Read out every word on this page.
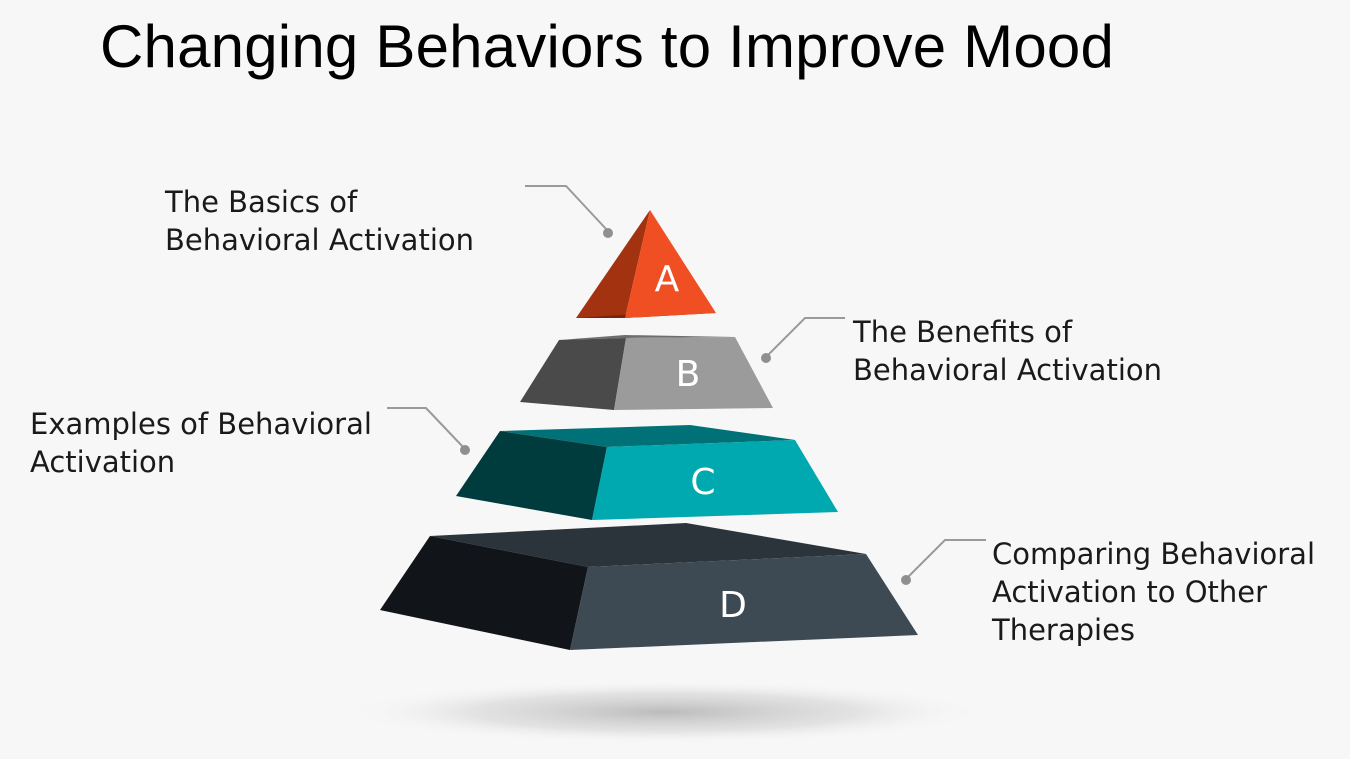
Changing Behaviors to Improve Mood
D
C
B
A
The Basics of
Behavioral Activation
The Benefits of
Behavioral Activation
Examples of Behavioral
Activation
Comparing Behavioral
Activation to Other
Therapies
